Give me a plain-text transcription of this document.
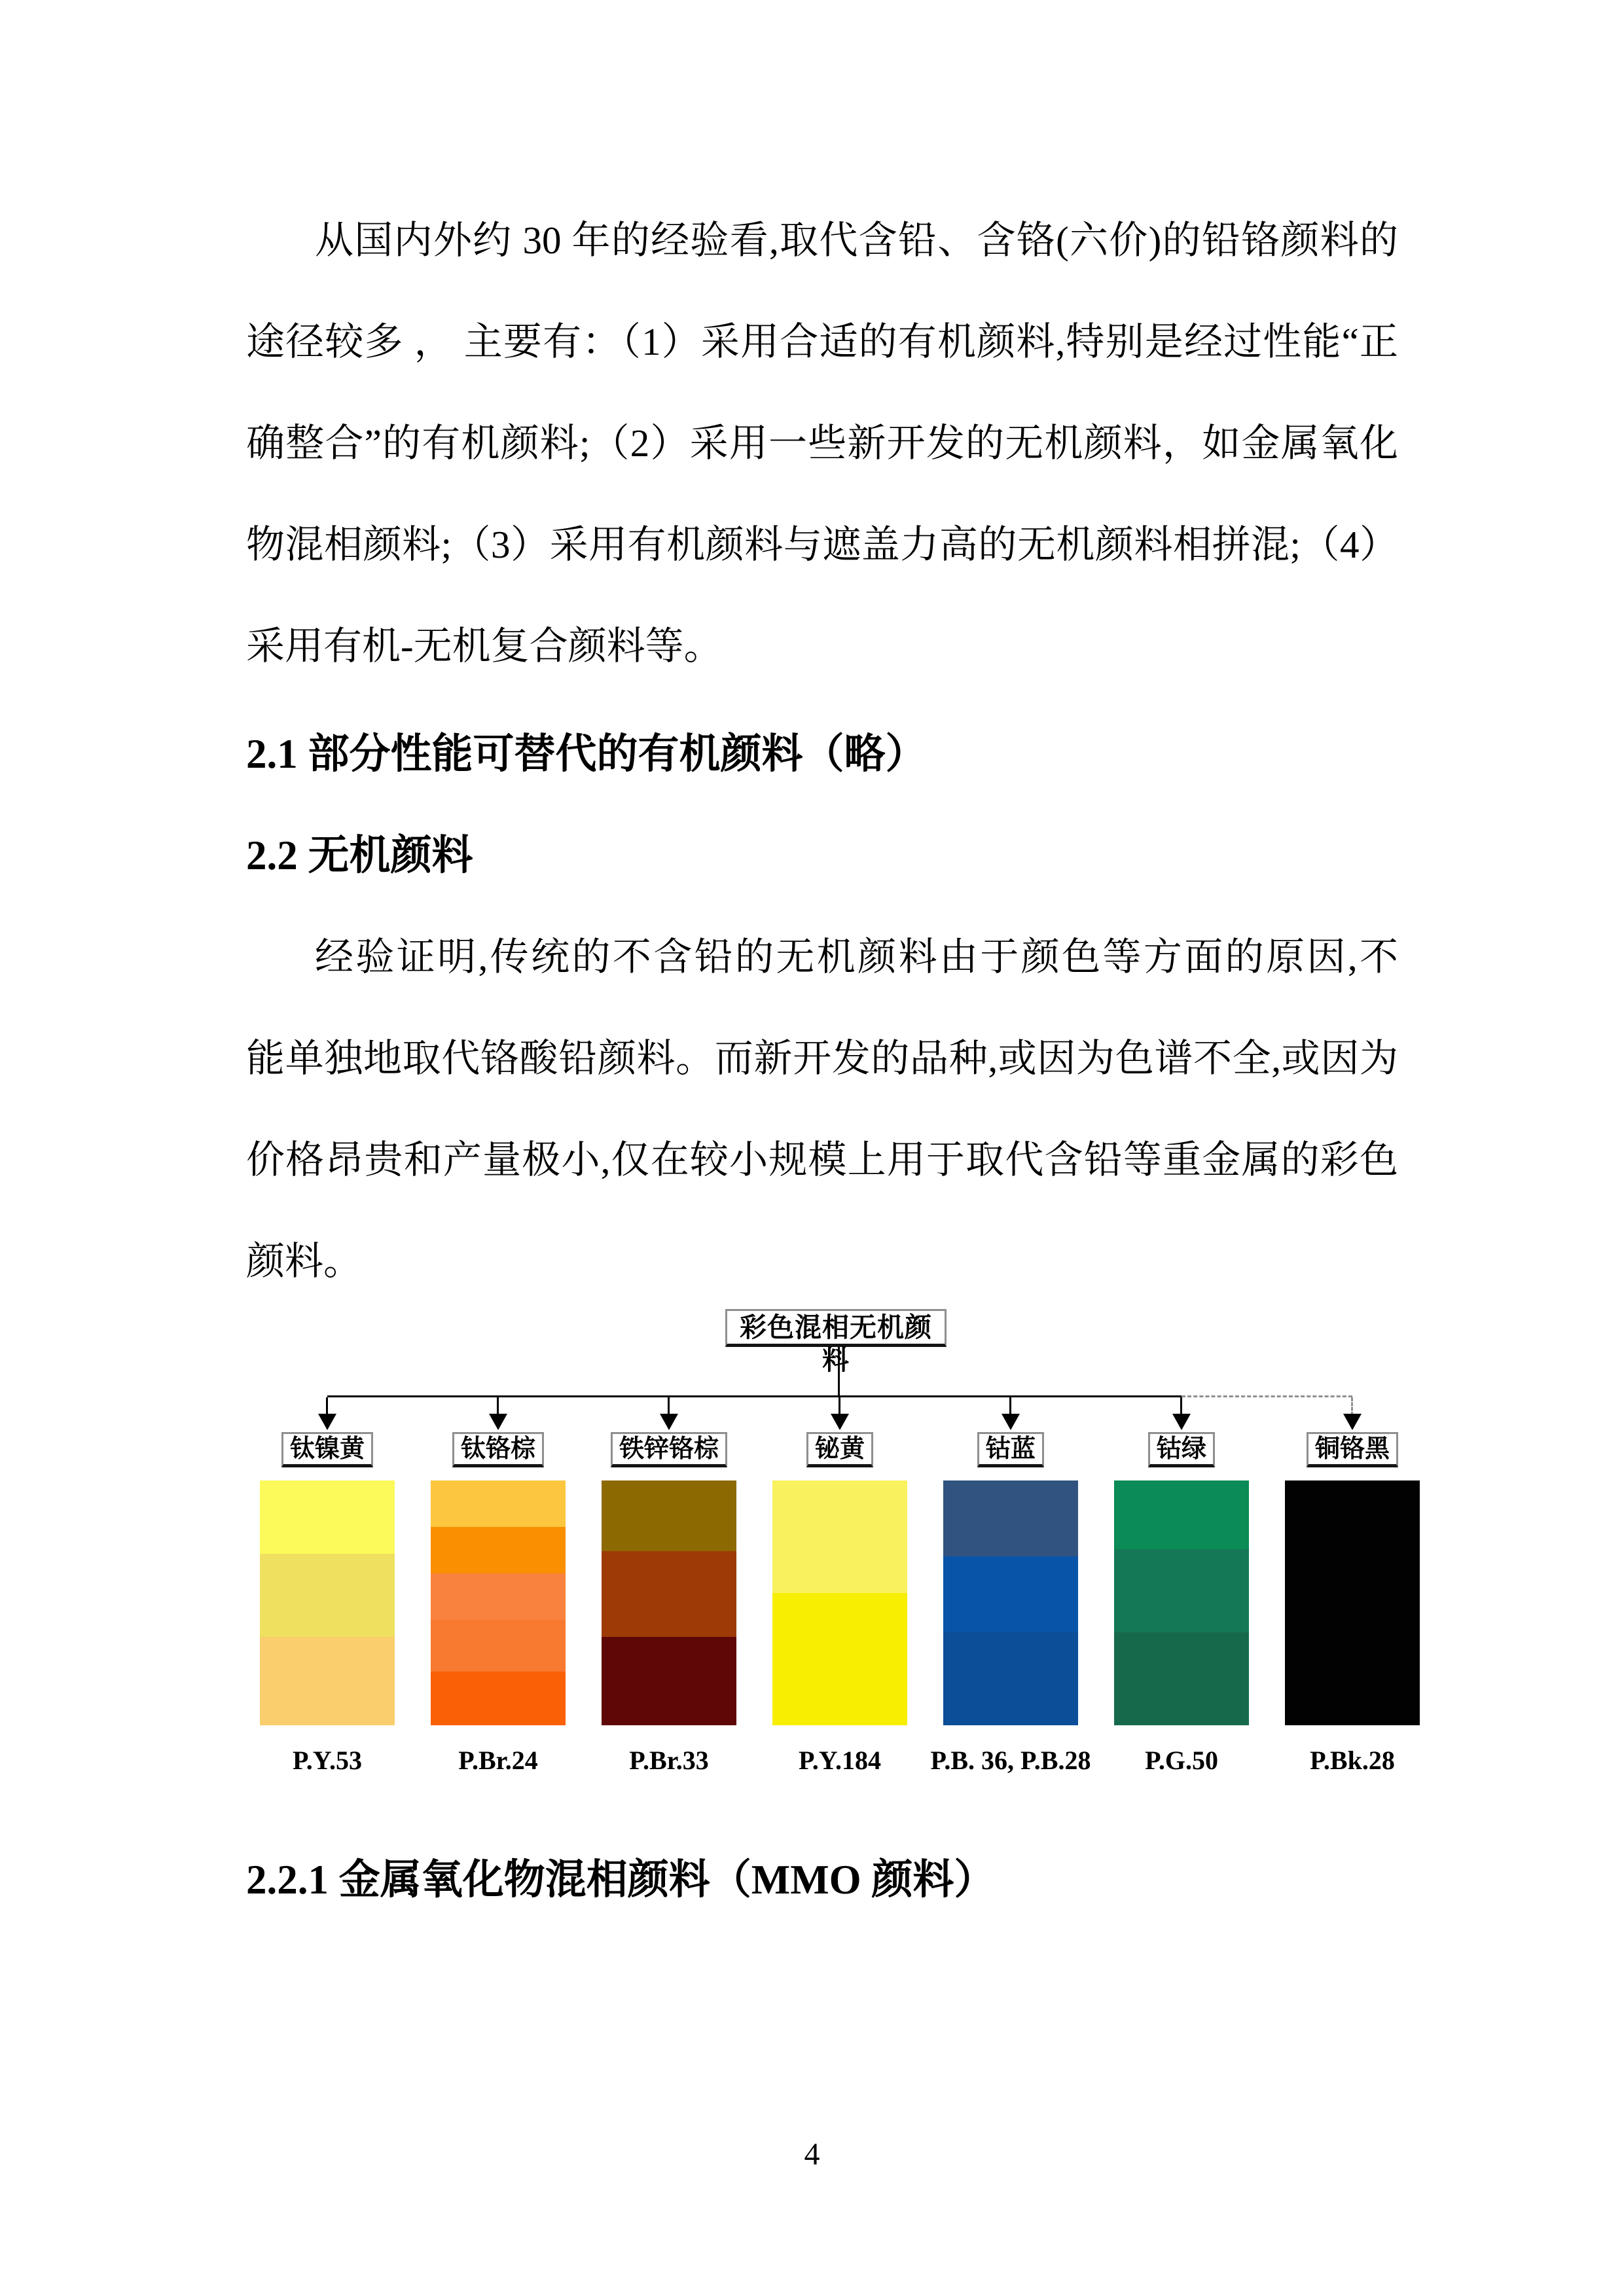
从国内外约 30 年的经验看,取代含铅、含铬(六价)的铅铬颜料的
途径较多 ， 主要有：（1）采用合适的有机颜料,特别是经过性能“正
确整合”的有机颜料;（2）采用一些新开发的无机颜料，如金属氧化
物混相颜料;（3）采用有机颜料与遮盖力高的无机颜料相拼混;（4）
采用有机-无机复合颜料等。
2.1 部分性能可替代的有机颜料（略）
2.2 无机颜料
经验证明,传统的不含铅的无机颜料由于颜色等方面的原因,不
能单独地取代铬酸铅颜料。而新开发的品种,或因为色谱不全,或因为
价格昂贵和产量极小,仅在较小规模上用于取代含铅等重金属的彩色
颜料。
彩色混相无机颜料
钛镍黄
P.Y.53
钛铬棕
P.Br.24
铁锌铬棕
P.Br.33
铋黄
P.Y.184
钴蓝
P.B. 36, P.B.28
钴绿
P.G.50
铜铬黑
P.Bk.28
2.2.1 金属氧化物混相颜料（MMO 颜料）
4
